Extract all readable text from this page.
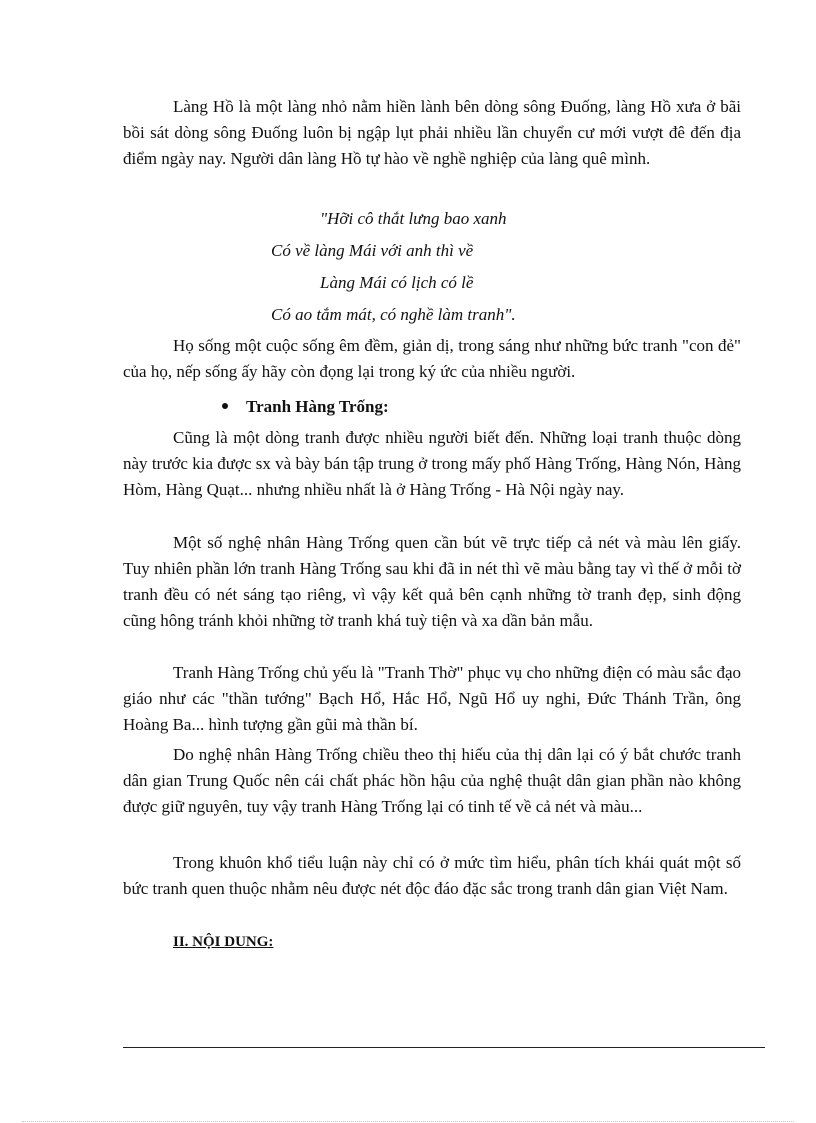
Làng Hồ là một làng nhỏ nằm hiền lành bên dòng sông Đuống, làng Hồ xưa ở bãi bồi sát dòng sông Đuống luôn bị ngập lụt phải nhiều lần chuyển cư mới vượt đê đến địa điểm ngày nay. Người dân làng Hồ tự hào về nghề nghiệp của làng quê mình.

"Hỡi cô thắt lưng bao xanh
Có về làng Mái với anh thì về
Làng Mái có lịch có lề
Có ao tắm mát, có nghề làm tranh".

Họ sống một cuộc sống êm đềm, giản dị, trong sáng như những bức tranh "con đẻ" của họ, nếp sống ấy hãy còn đọng lại trong ký ức của nhiều người.

Tranh Hàng Trống:

Cũng là một dòng tranh được nhiều người biết đến. Những loại tranh thuộc dòng này trước kia được sx và bày bán tập trung ở trong mấy phố Hàng Trống, Hàng Nón, Hàng Hòm, Hàng Quạt... nhưng nhiều nhất là ở Hàng Trống - Hà Nội ngày nay.

Một số nghệ nhân Hàng Trống quen cần bút vẽ trực tiếp cả nét và màu lên giấy. Tuy nhiên phần lớn tranh Hàng Trống sau khi đã in nét thì vẽ màu bằng tay vì thế ở mỗi tờ tranh đều có nét sáng tạo riêng, vì vậy kết quả bên cạnh những tờ tranh đẹp, sinh động cũng hông tránh khỏi những tờ tranh khá tuỳ tiện và xa dần bản mẫu.

Tranh Hàng Trống chủ yếu là "Tranh Thờ" phục vụ cho những điện có màu sắc đạo giáo như các "thần tướng" Bạch Hổ, Hắc Hổ, Ngũ Hổ uy nghi, Đức Thánh Trần, ông Hoàng Ba... hình tượng gần gũi mà thần bí.

Do nghệ nhân Hàng Trống chiều theo thị hiếu của thị dân lại có ý bắt chước tranh dân gian Trung Quốc nên cái chất phác hồn hậu của nghệ thuật dân gian phần nào không được giữ nguyên, tuy vậy tranh Hàng Trống lại có tinh tế về cả nét và màu...

Trong khuôn khổ tiểu luận này chỉ có ở mức tìm hiểu, phân tích khái quát một số bức tranh quen thuộc nhằm nêu được nét độc đáo đặc sắc trong tranh dân gian Việt Nam.

II. NỘI DUNG:
